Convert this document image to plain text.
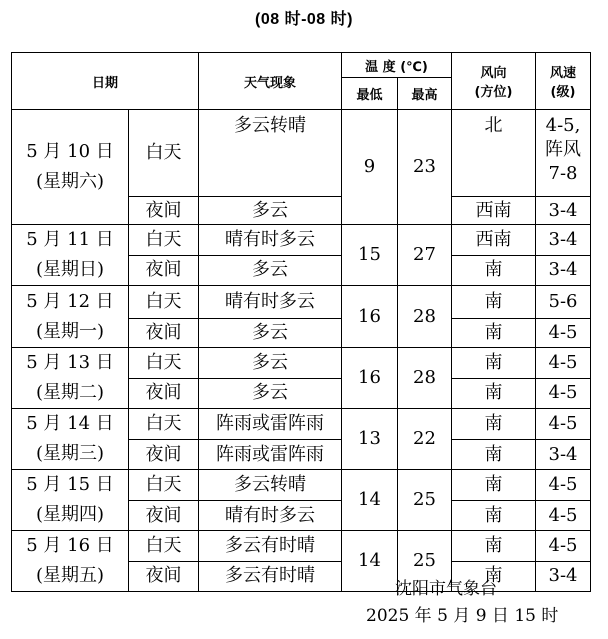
(08 时-08 时)
日期		天气现象	温 度 (℃)		风向
(方位)	风速
(级)

			最低	最高		

5 月 10 日
(星期六)	白天	多云转晴	9	23	北	4-5,
阵风
7-8

	夜间	多云			西南	3-4

5 月 11 日
(星期日)	白天	晴有时多云	15	27	西南	3-4
	夜间	多云			南	3-4

5 月 12 日
(星期一)	白天	晴有时多云	16	28	南	5-6
	夜间	多云			南	4-5

5 月 13 日
(星期二)	白天	多云	16	28	南	4-5
	夜间	多云			南	4-5

5 月 14 日
(星期三)	白天	阵雨或雷阵雨	13	22	南	4-5
	夜间	阵雨或雷阵雨			南	3-4

5 月 15 日
(星期四)	白天	多云转晴	14	25	南	4-5
	夜间	晴有时多云			南	4-5

5 月 16 日
(星期五)	白天	多云有时晴	14	25	南	4-5
	夜间	多云有时晴			南	3-4
沈阳市气象台
2025 年 5 月 9 日 15 时
